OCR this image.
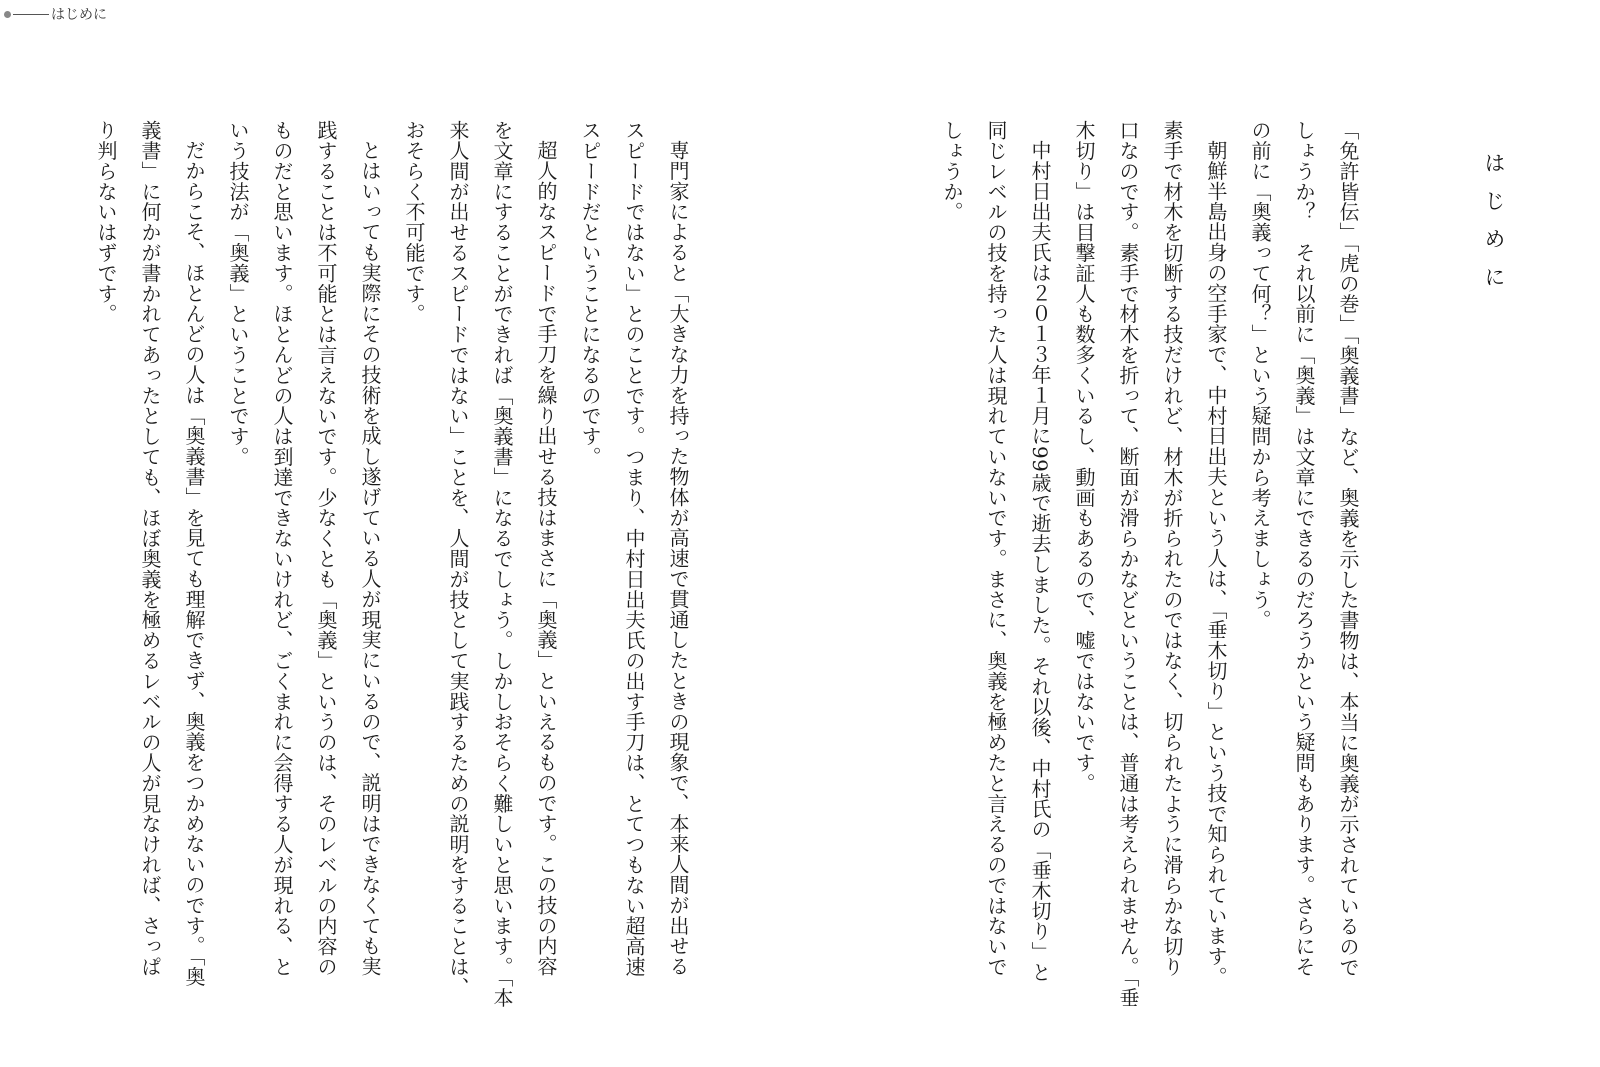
はじめに
はじめに
「免許皆伝」「虎の巻」「奥義書」など、奥義を示した書物は、本当に奥義が示されているので
しょうか？　それ以前に「奥義」は文章にできるのだろうかという疑問もあります。さらにそ
の前に「奥義って何？」という疑問から考えましょう。
朝鮮半島出身の空手家で、中村日出夫という人は、「垂木切り」という技で知られています。
素手で材木を切断する技だけれど、材木が折られたのではなく、切られたように滑らかな切り
口なのです。素手で材木を折って、断面が滑らかなどということは、普通は考えられません。「垂
木切り」は目撃証人も数多くいるし、動画もあるので、嘘ではないです。
中村日出夫氏は２０１３年１月に99歳で逝去しました。それ以後、中村氏の「垂木切り」と
同じレベルの技を持った人は現れていないです。まさに、奥義を極めたと言えるのではないで
しょうか。
専門家によると「大きな力を持った物体が高速で貫通したときの現象で、本来人間が出せる
スピードではない」とのことです。つまり、中村日出夫氏の出す手刀は、とてつもない超高速
スピードだということになるのです。
超人的なスピードで手刀を繰り出せる技はまさに「奥義」といえるものです。この技の内容
を文章にすることができれば「奥義書」になるでしょう。しかしおそらく難しいと思います。「本
来人間が出せるスピードではない」ことを、人間が技として実践するための説明をすることは、
おそらく不可能です。
とはいっても実際にその技術を成し遂げている人が現実にいるので、説明はできなくても実
践することは不可能とは言えないです。少なくとも「奥義」というのは、そのレベルの内容の
ものだと思います。ほとんどの人は到達できないけれど、ごくまれに会得する人が現れる、と
いう技法が「奥義」ということです。
だからこそ、ほとんどの人は「奥義書」を見ても理解できず、奥義をつかめないのです。「奥
義書」に何かが書かれてあったとしても、ほぼ奥義を極めるレベルの人が見なければ、さっぱ
り判らないはずです。
